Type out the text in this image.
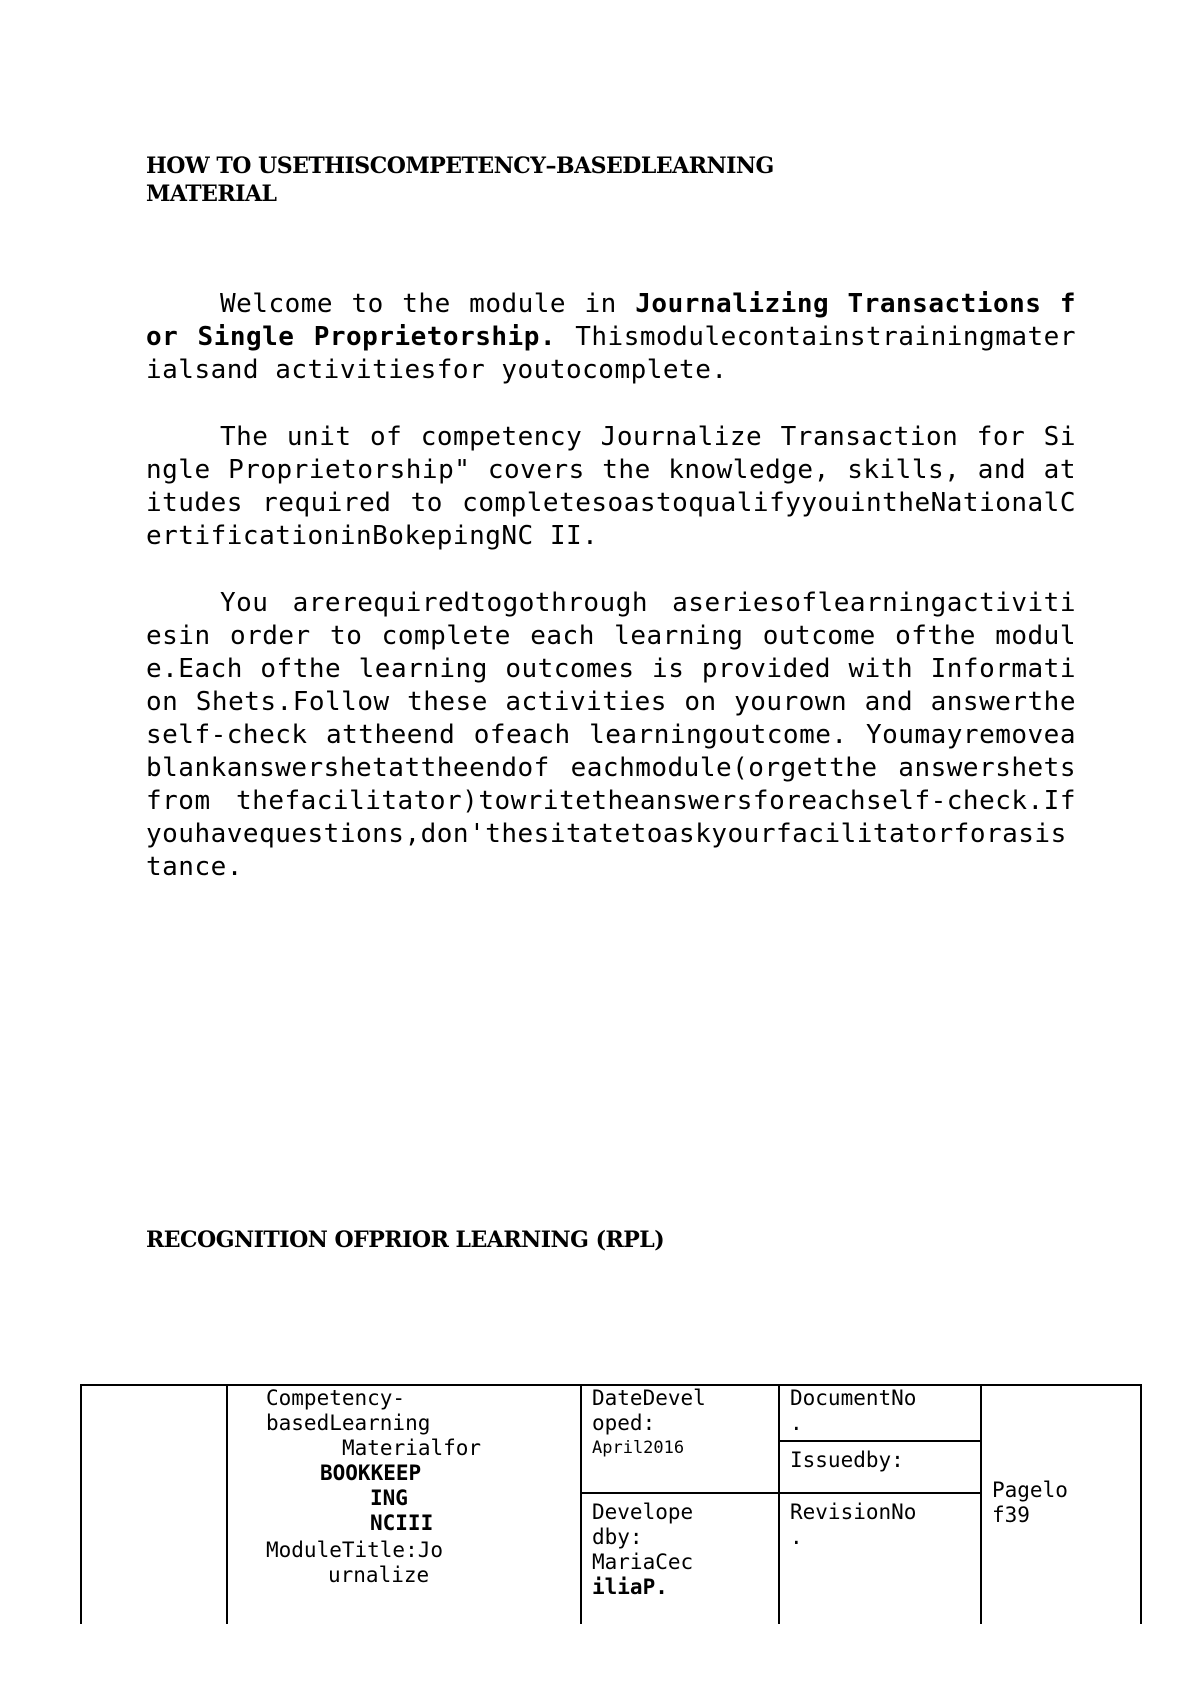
HOW TO USETHISCOMPETENCY–BASEDLEARNING
MATERIAL

Welcome to the module in Journalizing Transactions for Single Proprietorship. Thismodulecontainstrainingmaterialsand activitiesfor youtocomplete.

The unit of competency Journalize Transaction for Single Proprietorship" covers the knowledge, skills, and atitudes required to completesoastoqualifyyouintheNationalCertificationinBokepingNC II.

You arerequiredtogothrough aseriesoflearningactivitiesin order to complete each learning outcome ofthe module.Each ofthe learning outcomes is provided with Information Shets.Follow these activities on yourown and answertheself-check attheend ofeach learningoutcome. Youmayremoveablankanswershetattheendof eachmodule(orgetthe answershetsfrom thefacilitator)towritetheanswersforeachself-check.If youhavequestions,don'thesitatetoaskyourfacilitatorforasistance.

RECOGNITION OFPRIOR LEARNING (RPL)
Competency-
basedLearning
Materialfor
BOOKKEEP
ING
NCIII
ModuleTitle:Jo
urnalize
DateDevel
oped:
April2016
Develope
dby:
MariaCec
iliaP.
DocumentNo
.
Issuedby:
RevisionNo
.
Pagelo
f39
